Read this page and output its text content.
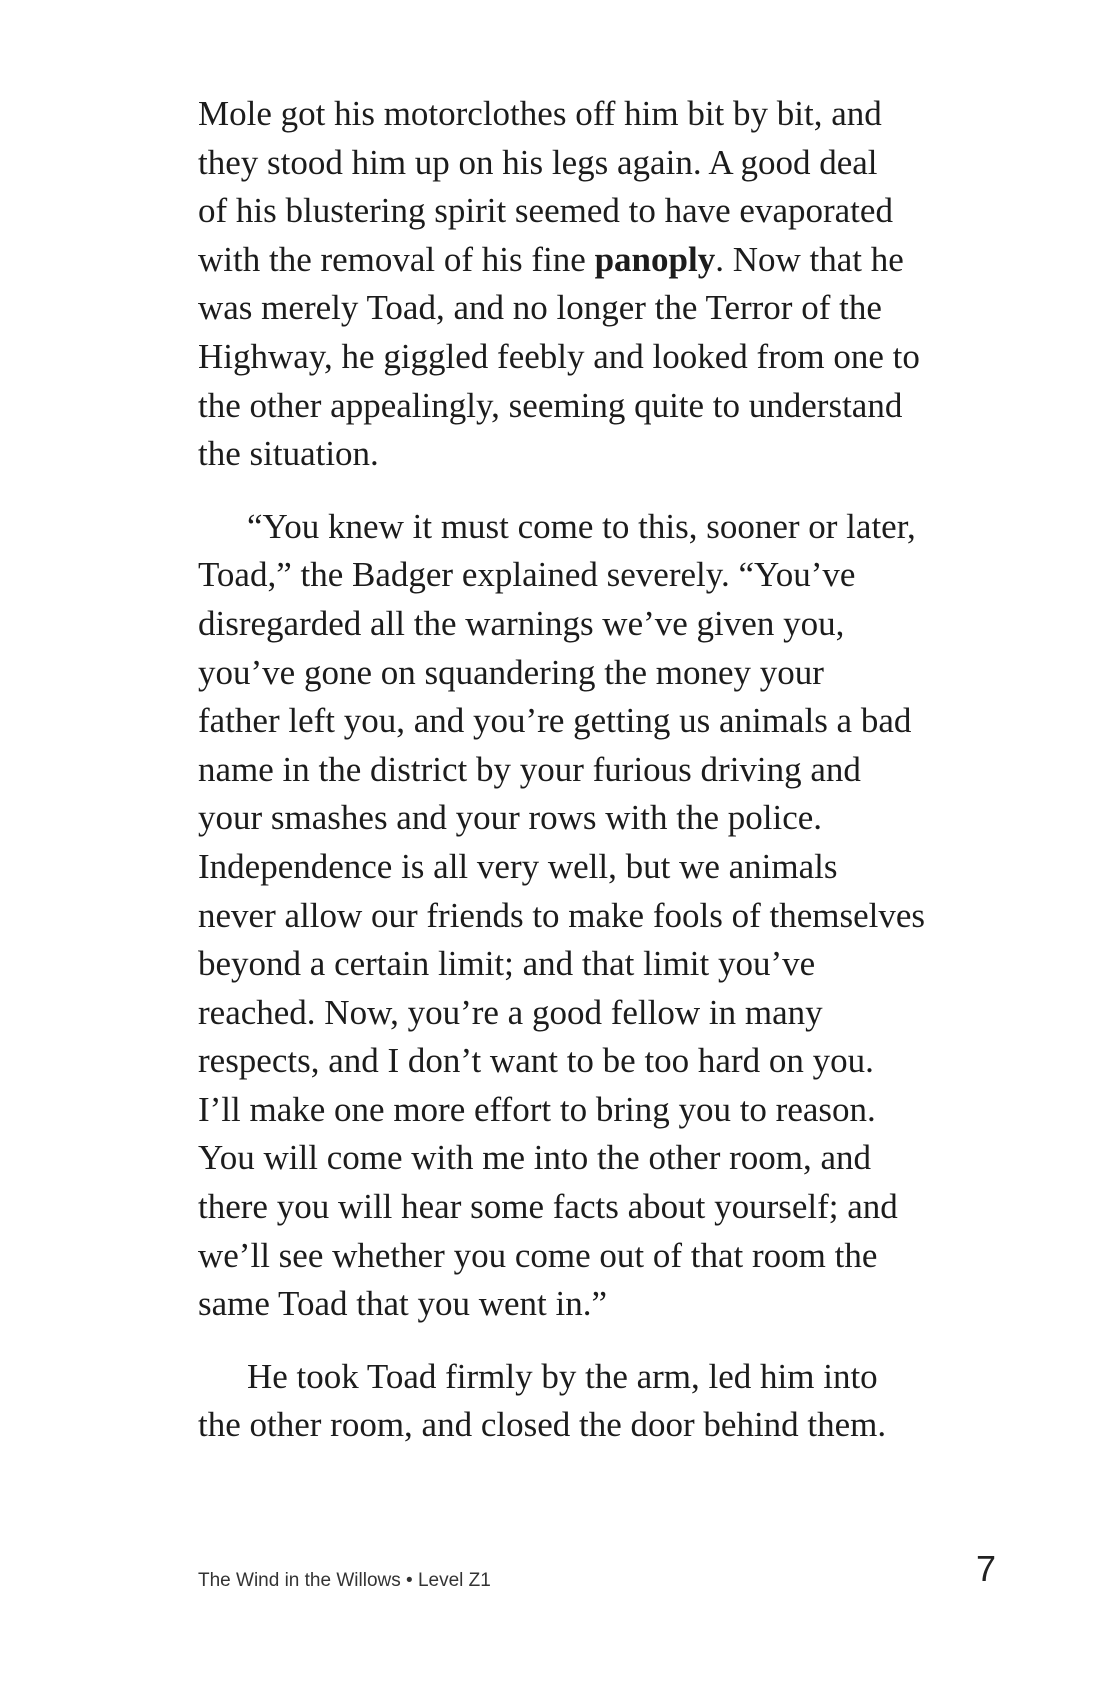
Mole got his motorclothes off him bit by bit, and
they stood him up on his legs again. A good deal
of his blustering spirit seemed to have evaporated
with the removal of his fine panoply. Now that he
was merely Toad, and no longer the Terror of the
Highway, he giggled feebly and looked from one to
the other appealingly, seeming quite to understand
the situation.

“You knew it must come to this, sooner or later,
Toad,” the Badger explained severely. “You’ve
disregarded all the warnings we’ve given you,
you’ve gone on squandering the money your
father left you, and you’re getting us animals a bad
name in the district by your furious driving and
your smashes and your rows with the police.
Independence is all very well, but we animals
never allow our friends to make fools of themselves
beyond a certain limit; and that limit you’ve
reached. Now, you’re a good fellow in many
respects, and I don’t want to be too hard on you.
I’ll make one more effort to bring you to reason.
You will come with me into the other room, and
there you will hear some facts about yourself; and
we’ll see whether you come out of that room the
same Toad that you went in.”

He took Toad firmly by the arm, led him into
the other room, and closed the door behind them.

The Wind in the Willows • Level Z1	7
